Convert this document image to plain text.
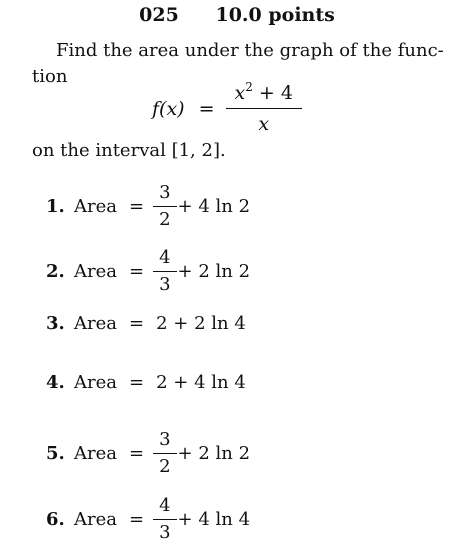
025 10.0 points
Find the area under the graph of the func-
tion
$f(x) = \frac{x^2 + 4}{x}$
on the interval [1, 2].
1. Area = $\frac{3}{2} + 4$ ln 2
2. Area = $\frac{4}{3} + 2$ ln 2
3. Area = 2 + 2 ln 4
4. Area = 2 + 4 ln 4
5. Area = $\frac{3}{2} + 2$ ln 2
6. Area = $\frac{4}{3} + 4$ ln 4
